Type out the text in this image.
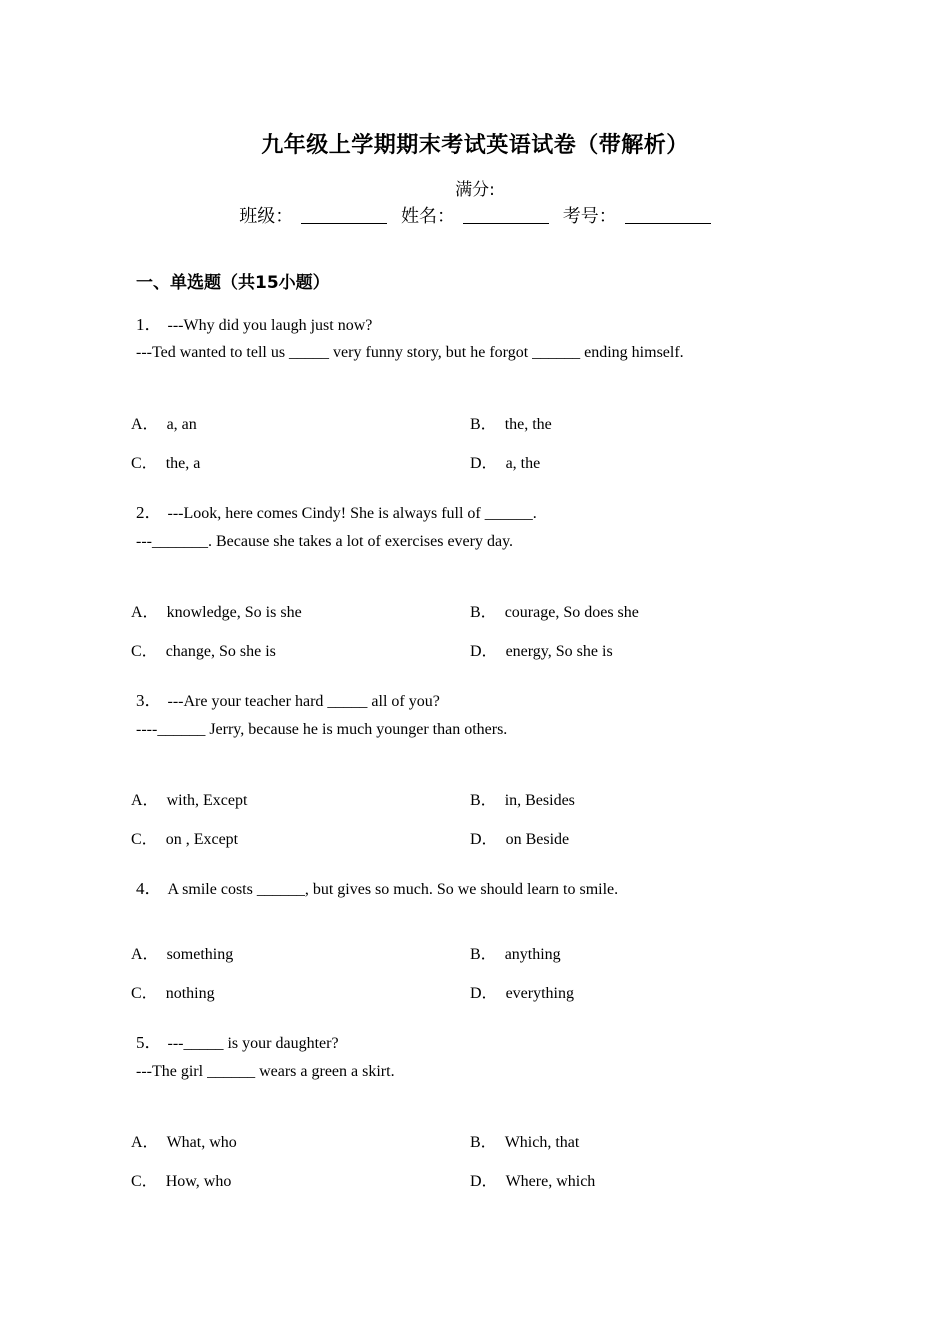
九年级上学期期末考试英语试卷（带解析）
满分:
班级：	姓名：	考号：
一、单选题（共15小题）
1． ---Why did you laugh just now?
---Ted wanted to tell us _____ very funny story, but he forgot ______ ending himself.
A． a, an	B． the, the
C． the, a	D． a, the
2． ---Look, here comes Cindy! She is always full of ______.
---_______. Because she takes a lot of exercises every day.
A． knowledge, So is she	B． courage, So does she
C． change, So she is	D． energy, So she is
3． ---Are your teacher hard _____ all of you?
----______ Jerry, because he is much younger than others.
A． with, Except	B． in, Besides
C． on , Except	D． on Beside
4． A smile costs ______, but gives so much. So we should learn to smile.
A． something	B． anything
C． nothing	D． everything
5． ---_____ is your daughter?
---The girl ______ wears a green a skirt.
A． What, who	B． Which, that
C． How, who	D． Where, which
